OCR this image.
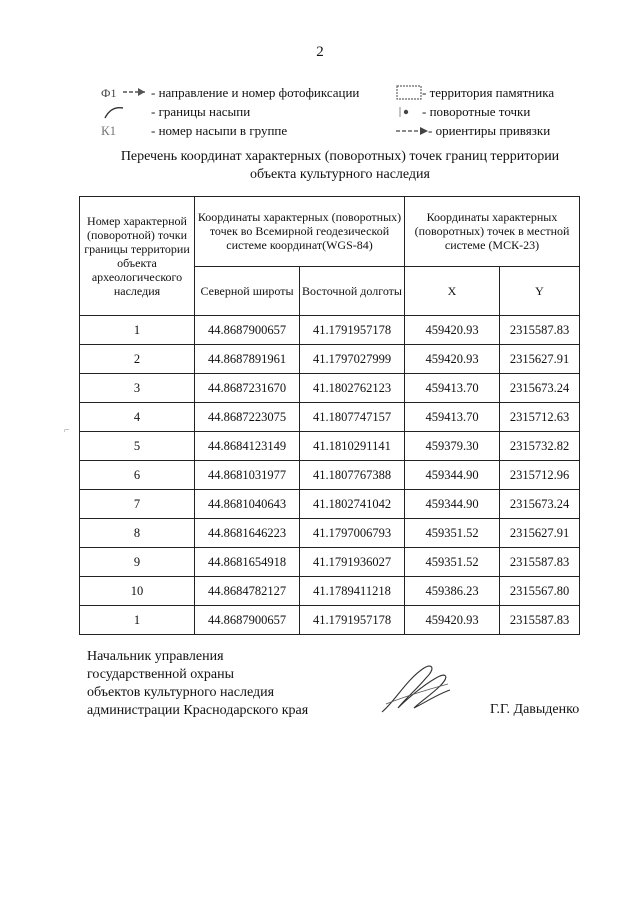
2
Ф1	- направление и номер фотофиксации
- границы насыпи
К1	- номер насыпи в группе
- территория памятника
- поворотные точки
- ориентиры привязки
Перечень координат характерных (поворотных) точек границ территории
объекта культурного наследия
Номер характерной (поворотной) точки границы территории объекта археологического наследия	Координаты характерных (поворотных) точек во Всемирной геодезической системе координат(WGS-84)		Координаты характерных (поворотных) точек в местной системе (МСК-23)	
	Северной широты	Восточной долготы	X	Y
1	44.8687900657	41.1791957178	459420.93	2315587.83
2	44.8687891961	41.1797027999	459420.93	2315627.91
3	44.8687231670	41.1802762123	459413.70	2315673.24
4	44.8687223075	41.1807747157	459413.70	2315712.63
5	44.8684123149	41.1810291141	459379.30	2315732.82
6	44.8681031977	41.1807767388	459344.90	2315712.96
7	44.8681040643	41.1802741042	459344.90	2315673.24
8	44.8681646223	41.1797006793	459351.52	2315627.91
9	44.8681654918	41.1791936027	459351.52	2315587.83
10	44.8684782127	41.1789411218	459386.23	2315567.80
1	44.8687900657	41.1791957178	459420.93	2315587.83
⌐
Начальник управления
государственной охраны
объектов культурного наследия
администрации Краснодарского края	Г.Г. Давыденко
